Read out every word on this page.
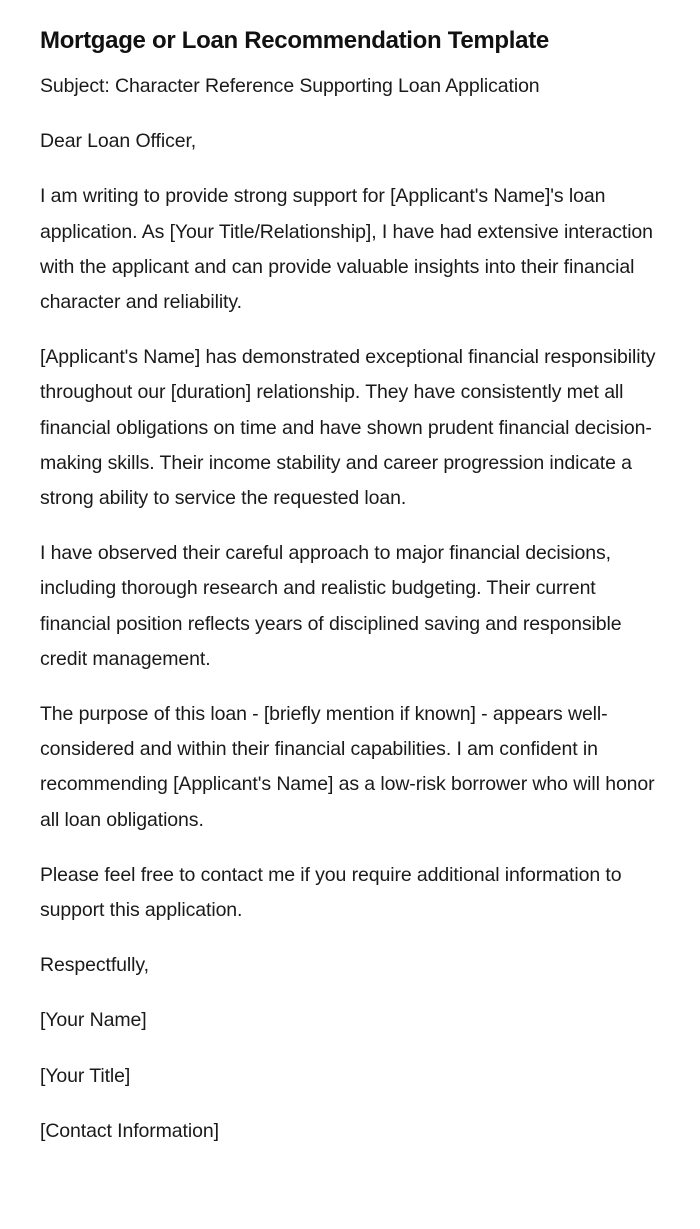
Mortgage or Loan Recommendation Template

Subject: Character Reference Supporting Loan Application

Dear Loan Officer,

I am writing to provide strong support for [Applicant's Name]'s loan application. As [Your Title/Relationship], I have had extensive interaction with the applicant and can provide valuable insights into their financial character and reliability.

[Applicant's Name] has demonstrated exceptional financial responsibility throughout our [duration] relationship. They have consistently met all financial obligations on time and have shown prudent financial decision-making skills. Their income stability and career progression indicate a strong ability to service the requested loan.

I have observed their careful approach to major financial decisions, including thorough research and realistic budgeting. Their current financial position reflects years of disciplined saving and responsible credit management.

The purpose of this loan - [briefly mention if known] - appears well-considered and within their financial capabilities. I am confident in recommending [Applicant's Name] as a low-risk borrower who will honor all loan obligations.

Please feel free to contact me if you require additional information to support this application.

Respectfully,

[Your Name]

[Your Title]

[Contact Information]
